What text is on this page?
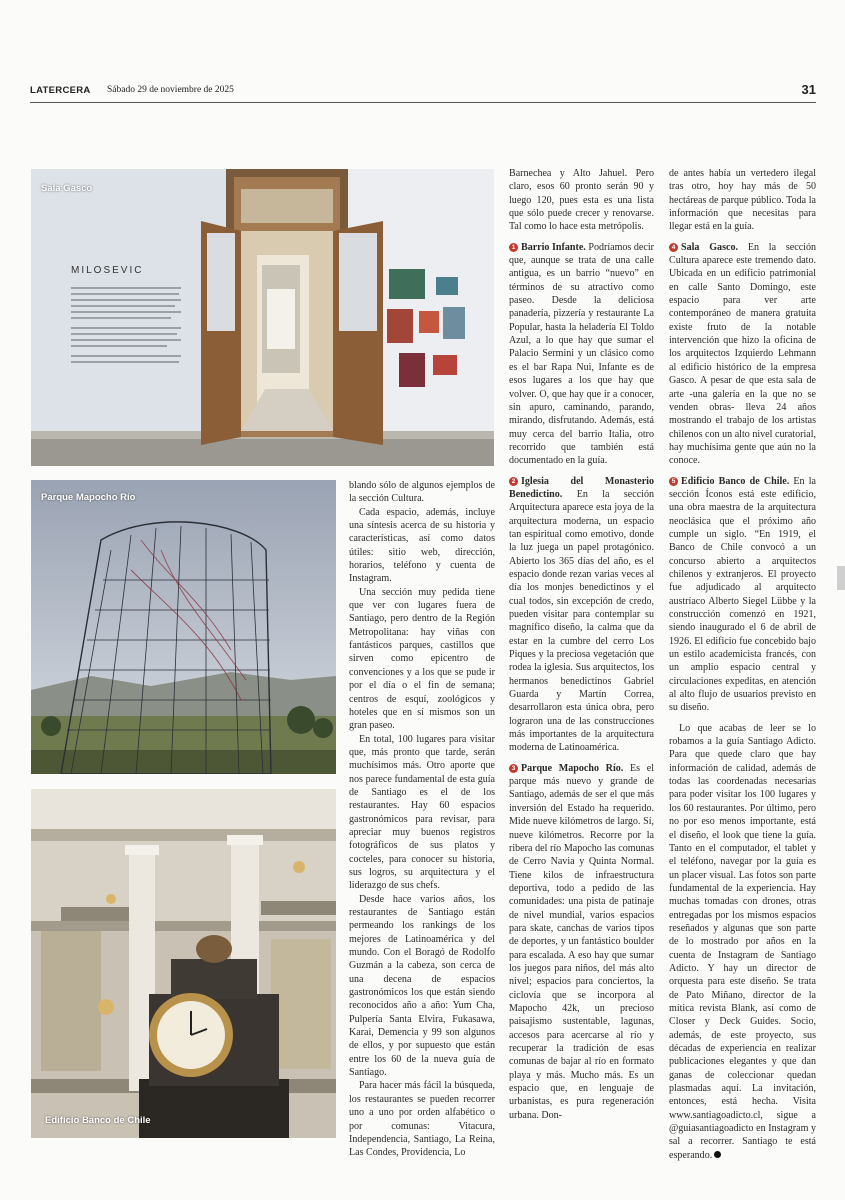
LATERCERA Sábado 29 de noviembre de 2025	31
MILOSEVIC
Sala Gasco
Parque Mapocho Río
Edificio Banco de Chile

blando sólo de algunos ejemplos de la sección Cultura.

Cada espacio, además, incluye una síntesis acerca de su historia y características, así como datos útiles: sitio web, dirección, horarios, teléfono y cuenta de Instagram.

Una sección muy pedida tiene que ver con lugares fuera de Santiago, pero dentro de la Región Metropolitana: hay viñas con fantásticos parques, castillos que sirven como epicentro de convenciones y a los que se pude ir por el día o el fin de semana; centros de esquí, zoológicos y hoteles que en sí mismos son un gran paseo.

En total, 100 lugares para visitar que, más pronto que tarde, serán muchísimos más. Otro aporte que nos parece fundamental de esta guía de Santiago es el de los restaurantes. Hay 60 espacios gastronómicos para revisar, para apreciar muy buenos registros fotográficos de sus platos y cocteles, para conocer su historia, sus logros, su arquitectura y el liderazgo de sus chefs.

Desde hace varios años, los restaurantes de Santiago están permeando los rankings de los mejores de Latinoamérica y del mundo. Con el Boragó de Rodolfo Guzmán a la cabeza, son cerca de una decena de espacios gastronómicos los que están siendo reconocidos año a año: Yum Cha, Pulpería Santa Elvira, Fukasawa, Karai, Demencia y 99 son algunos de ellos, y por supuesto que están entre los 60 de la nueva guía de Santiago.

Para hacer más fácil la búsqueda, los restaurantes se pueden recorrer uno a uno por orden alfabético o por comunas: Vitacura, Independencia, Santiago, La Reina, Las Condes, Providencia, Lo

Barnechea y Alto Jahuel. Pero claro, esos 60 pronto serán 90 y luego 120, pues esta es una lista que sólo puede crecer y renovarse. Tal como lo hace esta metrópolis.

1 Barrio Infante. Podríamos decir que, aunque se trata de una calle antigua, es un barrio “nuevo” en términos de su atractivo como paseo. Desde la deliciosa panadería, pizzería y restaurante La Popular, hasta la heladería El Toldo Azul, a lo que hay que sumar el Palacio Sermini y un clásico como es el bar Rapa Nui, Infante es de esos lugares a los que hay que volver. O, que hay que ir a conocer, sin apuro, caminando, parando, mirando, disfrutando. Además, está muy cerca del barrio Italia, otro recorrido que también está documentado en la guía.

2 Iglesia del Monasterio Benedictino. En la sección Arquitectura aparece esta joya de la arquitectura moderna, un espacio tan espiritual como emotivo, donde la luz juega un papel protagónico. Abierto los 365 días del año, es el espacio donde rezan varias veces al día los monjes benedictinos y el cual todos, sin excepción de credo, pueden visitar para contemplar su magnífico diseño, la calma que da estar en la cumbre del cerro Los Piques y la preciosa vegetación que rodea la iglesia. Sus arquitectos, los hermanos benedictinos Gabriel Guarda y Martín Correa, desarrollaron esta única obra, pero lograron una de las construcciones más importantes de la arquitectura moderna de Latinoamérica.

3 Parque Mapocho Río. Es el parque más nuevo y grande de Santiago, además de ser el que más inversión del Estado ha requerido. Mide nueve kilómetros de largo. Sí, nueve kilómetros. Recorre por la ribera del río Mapocho las comunas de Cerro Navia y Quinta Normal. Tiene kilos de infraestructura deportiva, todo a pedido de las comunidades: una pista de patinaje de nivel mundial, varios espacios para skate, canchas de varios tipos de deportes, y un fantástico boulder para escalada. A eso hay que sumar los juegos para niños, del más alto nivel; espacios para conciertos, la ciclovía que se incorpora al Mapocho 42k, un precioso paisajismo sustentable, lagunas, accesos para acercarse al río y recuperar la tradición de esas comunas de bajar al río en formato playa y más. Mucho más. Es un espacio que, en lenguaje de urbanistas, es pura regeneración urbana. Don-

de antes había un vertedero ilegal tras otro, hoy hay más de 50 hectáreas de parque público. Toda la información que necesitas para llegar está en la guía.

4 Sala Gasco. En la sección Cultura aparece este tremendo dato. Ubicada en un edificio patrimonial en calle Santo Domingo, este espacio para ver arte contemporáneo de manera gratuita existe fruto de la notable intervención que hizo la oficina de los arquitectos Izquierdo Lehmann al edificio histórico de la empresa Gasco. A pesar de que esta sala de arte -una galería en la que no se venden obras- lleva 24 años mostrando el trabajo de los artistas chilenos con un alto nivel curatorial, hay muchísima gente que aún no la conoce.

5 Edificio Banco de Chile. En la sección Íconos está este edificio, una obra maestra de la arquitectura neoclásica que el próximo año cumple un siglo. “En 1919, el Banco de Chile convocó a un concurso abierto a arquitectos chilenos y extranjeros. El proyecto fue adjudicado al arquitecto austríaco Alberto Siegel Lübbe y la construcción comenzó en 1921, siendo inaugurado el 6 de abril de 1926. El edificio fue concebido bajo un estilo academicista francés, con un amplio espacio central y circulaciones expeditas, en atención al alto flujo de usuarios previsto en su diseño.

Lo que acabas de leer se lo robamos a la guía Santiago Adicto. Para que quede claro que hay información de calidad, además de todas las coordenadas necesarias para poder visitar los 100 lugares y los 60 restaurantes. Por último, pero no por eso menos importante, está el diseño, el look que tiene la guía. Tanto en el computador, el tablet y el teléfono, navegar por la guía es un placer visual. Las fotos son parte fundamental de la experiencia. Hay muchas tomadas con drones, otras entregadas por los mismos espacios reseñados y algunas que son parte de lo mostrado por años en la cuenta de Instagram de Santiago Adicto. Y hay un director de orquesta para este diseño. Se trata de Pato Miñano, director de la mítica revista Blank, así como de Closer y Deck Guides. Socio, además, de este proyecto, sus décadas de experiencia en realizar publicaciones elegantes y que dan ganas de coleccionar quedan plasmadas aquí. La invitación, entonces, está hecha. Visita www.santiagoadicto.cl, sigue a @guiasantiagoadicto en Instagram y sal a recorrer. Santiago te está esperando.
